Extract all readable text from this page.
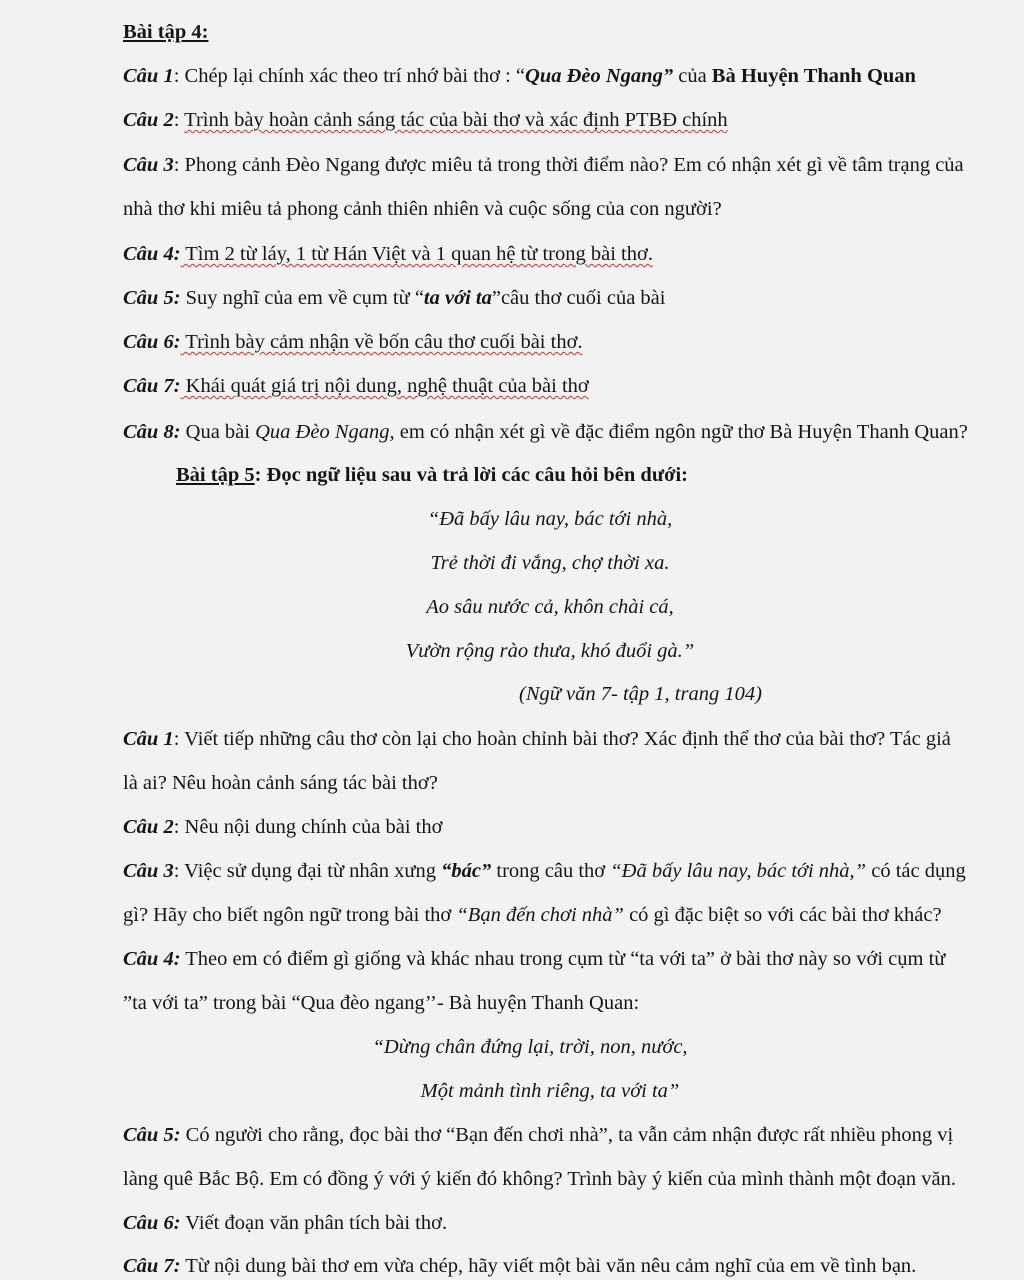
Bài tập 4:
Câu 1: Chép lại chính xác theo trí nhớ bài thơ : “Qua Đèo Ngang” của Bà Huyện Thanh Quan
Câu 2: Trình bày hoàn cảnh sáng tác của bài thơ và xác định PTBĐ chính
Câu 3: Phong cảnh Đèo Ngang được miêu tả trong thời điểm nào? Em có nhận xét gì về tâm trạng của
nhà thơ khi miêu tả phong cảnh thiên nhiên và cuộc sống của con người?
Câu 4: Tìm 2 từ láy, 1 từ Hán Việt và 1 quan hệ từ trong bài thơ.
Câu 5: Suy nghĩ của em về cụm từ “ta với ta”câu thơ cuối của bài
Câu 6: Trình bày cảm nhận về bốn câu thơ cuối bài thơ.
Câu 7: Khái quát giá trị nội dung, nghệ thuật của bài thơ
Câu 8: Qua bài Qua Đèo Ngang, em có nhận xét gì về đặc điểm ngôn ngữ thơ Bà Huyện Thanh Quan?
Bài tập 5: Đọc ngữ liệu sau và trả lời các câu hỏi bên dưới:
“Đã bấy lâu nay, bác tới nhà,
Trẻ thời đi vắng, chợ thời xa.
Ao sâu nước cả, khôn chài cá,
Vườn rộng rào thưa, khó đuổi gà.”
(Ngữ văn 7- tập 1, trang 104)
Câu 1: Viết tiếp những câu thơ còn lại cho hoàn chỉnh bài thơ? Xác định thể thơ của bài thơ? Tác giả
là ai? Nêu hoàn cảnh sáng tác bài thơ?
Câu 2: Nêu nội dung chính của bài thơ
Câu 3: Việc sử dụng đại từ nhân xưng “bác” trong câu thơ “Đã bấy lâu nay, bác tới nhà,” có tác dụng
gì? Hãy cho biết ngôn ngữ trong bài thơ “Bạn đến chơi nhà” có gì đặc biệt so với các bài thơ khác?
Câu 4: Theo em có điểm gì giống và khác nhau trong cụm từ “ta với ta” ở bài thơ này so với cụm từ
”ta với ta” trong bài “Qua đèo ngang’’- Bà huyện Thanh Quan:
“Dừng chân đứng lại, trời, non, nước,
Một mảnh tình riêng, ta với ta”
Câu 5: Có người cho rằng, đọc bài thơ “Bạn đến chơi nhà”, ta vẫn cảm nhận được rất nhiều phong vị
làng quê Bắc Bộ. Em có đồng ý với ý kiến đó không? Trình bày ý kiến của mình thành một đoạn văn.
Câu 6: Viết đoạn văn phân tích bài thơ.
Câu 7: Từ nội dung bài thơ em vừa chép, hãy viết một bài văn nêu cảm nghĩ của em về tình bạn.
